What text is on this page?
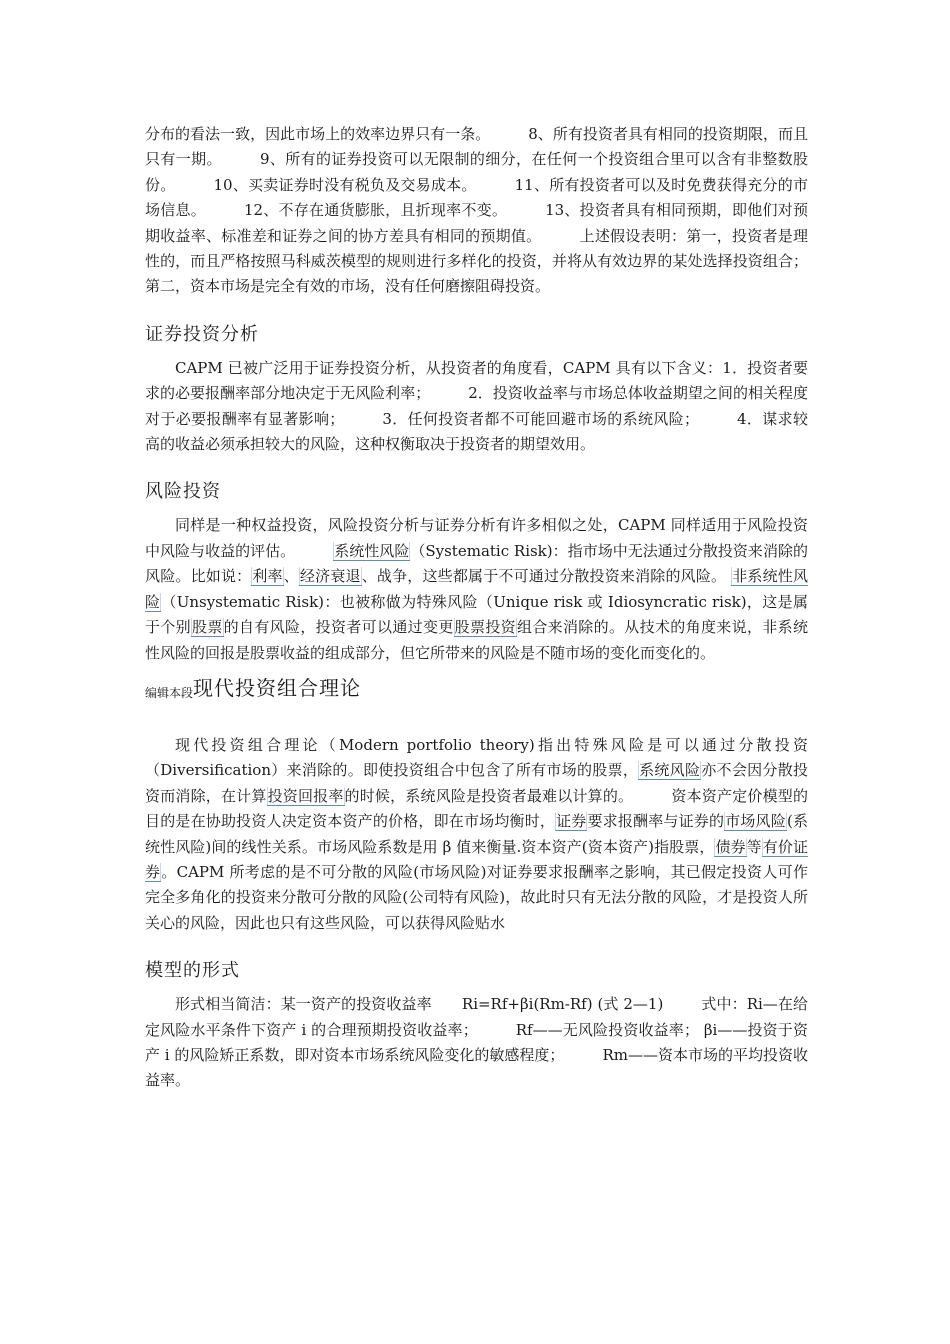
分布的看法一致，因此市场上的效率边界只有一条。	8、所有投资者具有相同的投资期限，而且只有一期。	9、所有的证券投资可以无限制的细分，在任何一个投资组合里可以含有非整数股份。	10、买卖证券时没有税负及交易成本。	11、所有投资者可以及时免费获得充分的市场信息。	12、不存在通货膨胀，且折现率不变。	13、投资者具有相同预期，即他们对预期收益率、标准差和证券之间的协方差具有相同的预期值。	上述假设表明：第一，投资者是理性的，而且严格按照马科威茨模型的规则进行多样化的投资，并将从有效边界的某处选择投资组合；第二，资本市场是完全有效的市场，没有任何磨擦阻碍投资。

证券投资分析

CAPM 已被广泛用于证券投资分析，从投资者的角度看，CAPM 具有以下含义：1．投资者要求的必要报酬率部分地决定于无风险利率；	2．投资收益率与市场总体收益期望之间的相关程度对于必要报酬率有显著影响；	3．任何投资者都不可能回避市场的系统风险；	4．谋求较高的收益必须承担较大的风险，这种权衡取决于投资者的期望效用。

风险投资

同样是一种权益投资，风险投资分析与证券分析有许多相似之处，CAPM 同样适用于风险投资中风险与收益的评估。	系统性风险（Systematic Risk)：指市场中无法通过分散投资来消除的风险。比如说：利率、经济衰退、战争，这些都属于不可通过分散投资来消除的风险。 非系统性风险（Unsystematic Risk)：也被称做为特殊风险（Unique risk 或 Idiosyncratic risk)，这是属于个别股票的自有风险，投资者可以通过变更股票投资组合来消除的。从技术的角度来说，非系统性风险的回报是股票收益的组成部分，但它所带来的风险是不随市场的变化而变化的。

编辑本段 现代投资组合理论

现代投资组合理论（Modern portfolio theory)指出特殊风险是可以通过分散投资（Diversification）来消除的。即使投资组合中包含了所有市场的股票，系统风险亦不会因分散投资而消除，在计算投资回报率的时候，系统风险是投资者最难以计算的。	资本资产定价模型的目的是在协助投资人决定资本资产的价格，即在市场均衡时，证券要求报酬率与证券的市场风险(系统性风险)间的线性关系。市场风险系数是用 β 值来衡量.资本资产(资本资产)指股票，债券等有价证券。CAPM 所考虑的是不可分散的风险(市场风险)对证券要求报酬率之影响，其已假定投资人可作完全多角化的投资来分散可分散的风险(公司特有风险)，故此时只有无法分散的风险，才是投资人所关心的风险，因此也只有这些风险，可以获得风险贴水

模型的形式

形式相当简洁：某一资产的投资收益率　　Ri=Rf+βi(Rm-Rf) (式 2—1)	式中：Ri—在给定风险水平条件下资产 i 的合理预期投资收益率；	Rf——无风险投资收益率； βi——投资于资产 i 的风险矫正系数，即对资本市场系统风险变化的敏感程度；	Rm——资本市场的平均投资收益率。
